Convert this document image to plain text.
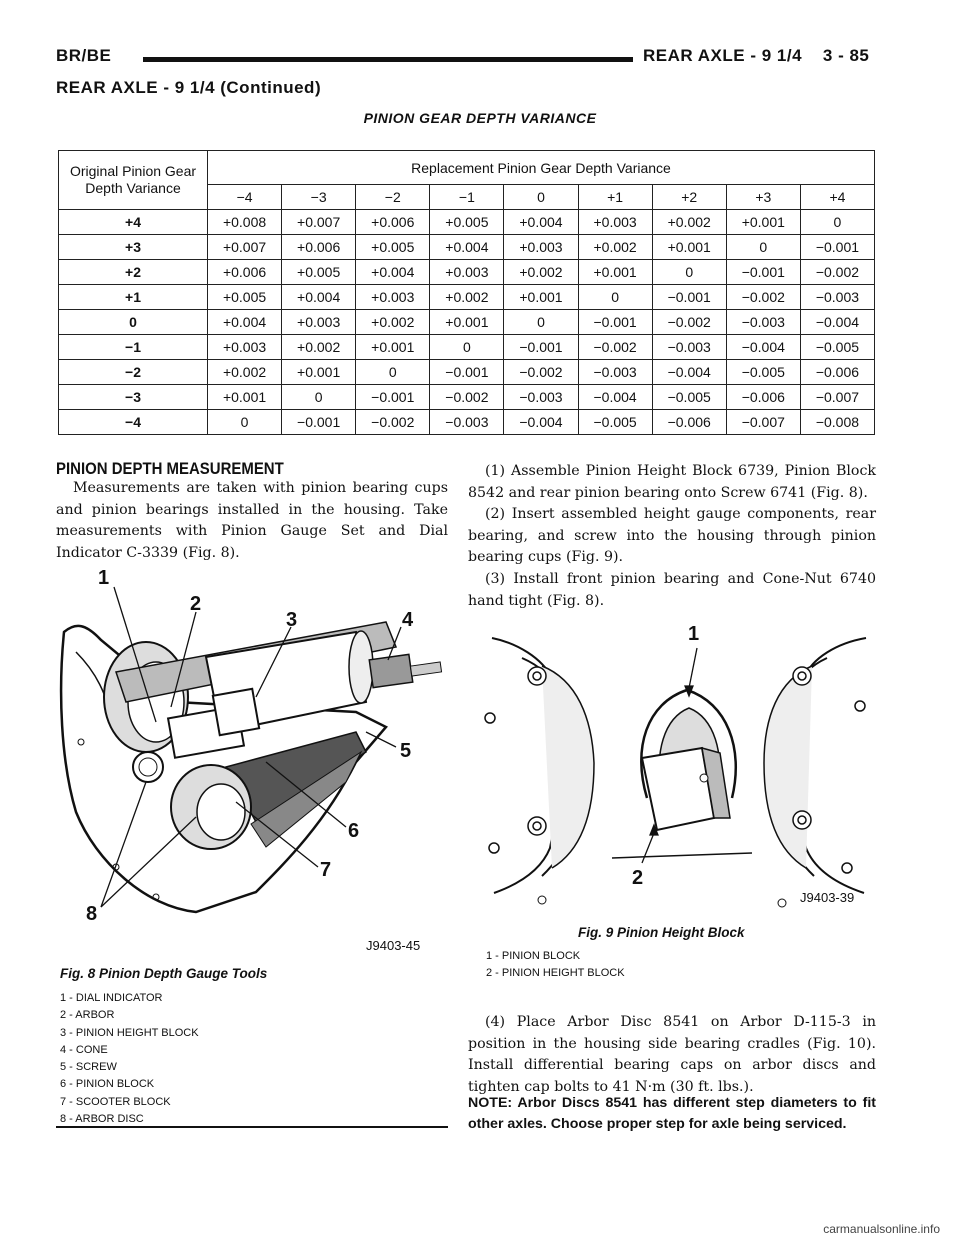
BR/BE	REAR AXLE - 9 1/4    3 - 85
REAR AXLE - 9 1/4 (Continued)
PINION GEAR DEPTH VARIANCE
Original Pinion Gear Depth Variance	Replacement Pinion Gear Depth Variance								
	−4	−3	−2	−1	0	+1	+2	+3	+4
+4	+0.008	+0.007	+0.006	+0.005	+0.004	+0.003	+0.002	+0.001	0
+3	+0.007	+0.006	+0.005	+0.004	+0.003	+0.002	+0.001	0	−0.001
+2	+0.006	+0.005	+0.004	+0.003	+0.002	+0.001	0	−0.001	−0.002
+1	+0.005	+0.004	+0.003	+0.002	+0.001	0	−0.001	−0.002	−0.003
0	+0.004	+0.003	+0.002	+0.001	0	−0.001	−0.002	−0.003	−0.004
−1	+0.003	+0.002	+0.001	0	−0.001	−0.002	−0.003	−0.004	−0.005
−2	+0.002	+0.001	0	−0.001	−0.002	−0.003	−0.004	−0.005	−0.006
−3	+0.001	0	−0.001	−0.002	−0.003	−0.004	−0.005	−0.006	−0.007
−4	0	−0.001	−0.002	−0.003	−0.004	−0.005	−0.006	−0.007	−0.008
PINION DEPTH MEASUREMENT
Measurements are taken with pinion bearing cups and pinion bearings installed in the housing. Take measurements with Pinion Gauge Set and Dial Indicator C-3339 (Fig. 8).
1
2
3	4
5
6
7
8
J9403-45
Fig. 8 Pinion Depth Gauge Tools
1 - DIAL INDICATOR
2 - ARBOR
3 - PINION HEIGHT BLOCK
4 - CONE
5 - SCREW
6 - PINION BLOCK
7 - SCOOTER BLOCK
8 - ARBOR DISC

(1) Assemble Pinion Height Block 6739, Pinion Block 8542 and rear pinion bearing onto Screw 6741 (Fig. 8).

(2) Insert assembled height gauge components, rear bearing, and screw into the housing through pinion bearing cups (Fig. 9).

(3) Install front pinion bearing and Cone-Nut 6740 hand tight (Fig. 8).

1
2
J9403-39
Fig. 9 Pinion Height Block
1 - PINION BLOCK
2 - PINION HEIGHT BLOCK
(4) Place Arbor Disc 8541 on Arbor D-115-3 in position in the housing side bearing cradles (Fig. 10). Install differential bearing caps on arbor discs and tighten cap bolts to 41 N·m (30 ft. lbs.).
NOTE: Arbor Discs 8541 has different step diameters to fit other axles. Choose proper step for axle being serviced.
carmanualsonline.info
